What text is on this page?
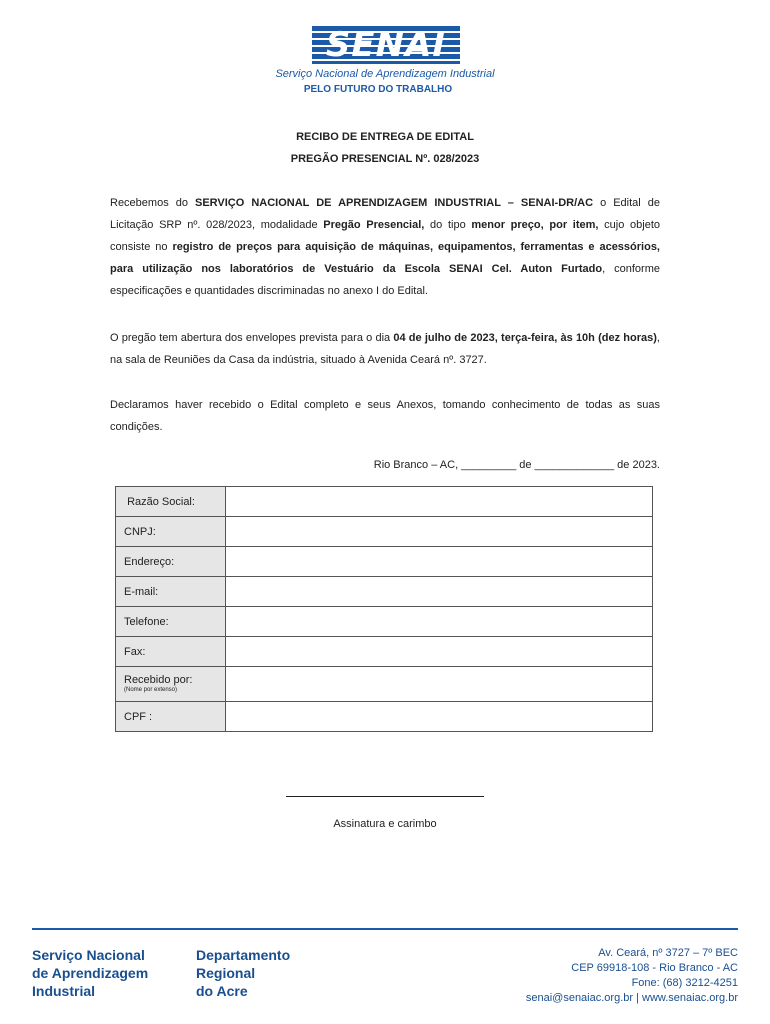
SENAI
Serviço Nacional de Aprendizagem Industrial
PELO FUTURO DO TRABALHO
RECIBO DE ENTREGA DE EDITAL
PREGÃO PRESENCIAL Nº. 028/2023
Recebemos do SERVIÇO NACIONAL DE APRENDIZAGEM INDUSTRIAL – SENAI-DR/AC o Edital de Licitação SRP nº. 028/2023, modalidade Pregão Presencial, do tipo menor preço, por item, cujo objeto consiste no registro de preços para aquisição de máquinas, equipamentos, ferramentas e acessórios, para utilização nos laboratórios de Vestuário da Escola SENAI Cel. Auton Furtado, conforme especificações e quantidades discriminadas no anexo I do Edital.
O pregão tem abertura dos envelopes prevista para o dia 04 de julho de 2023, terça-feira, às 10h (dez horas), na sala de Reuniões da Casa da indústria, situado à Avenida Ceará nº. 3727.
Declaramos haver recebido o Edital completo e seus Anexos, tomando conhecimento de todas as suas condições.
Rio Branco – AC, _________ de _____________ de 2023.
Razão Social:	
CNPJ:	
Endereço:	
E-mail:	
Telefone:	
Fax:	
Recebido por:
(Nome por extenso)	

CPF :	
Assinatura e carimbo
Serviço Nacional
de Aprendizagem
Industrial
Departamento
Regional
do Acre
Av. Ceará, nº 3727 – 7º BEC
CEP 69918-108 - Rio Branco - AC
Fone: (68) 3212-4251
senai@senaiac.org.br | www.senaiac.org.br
